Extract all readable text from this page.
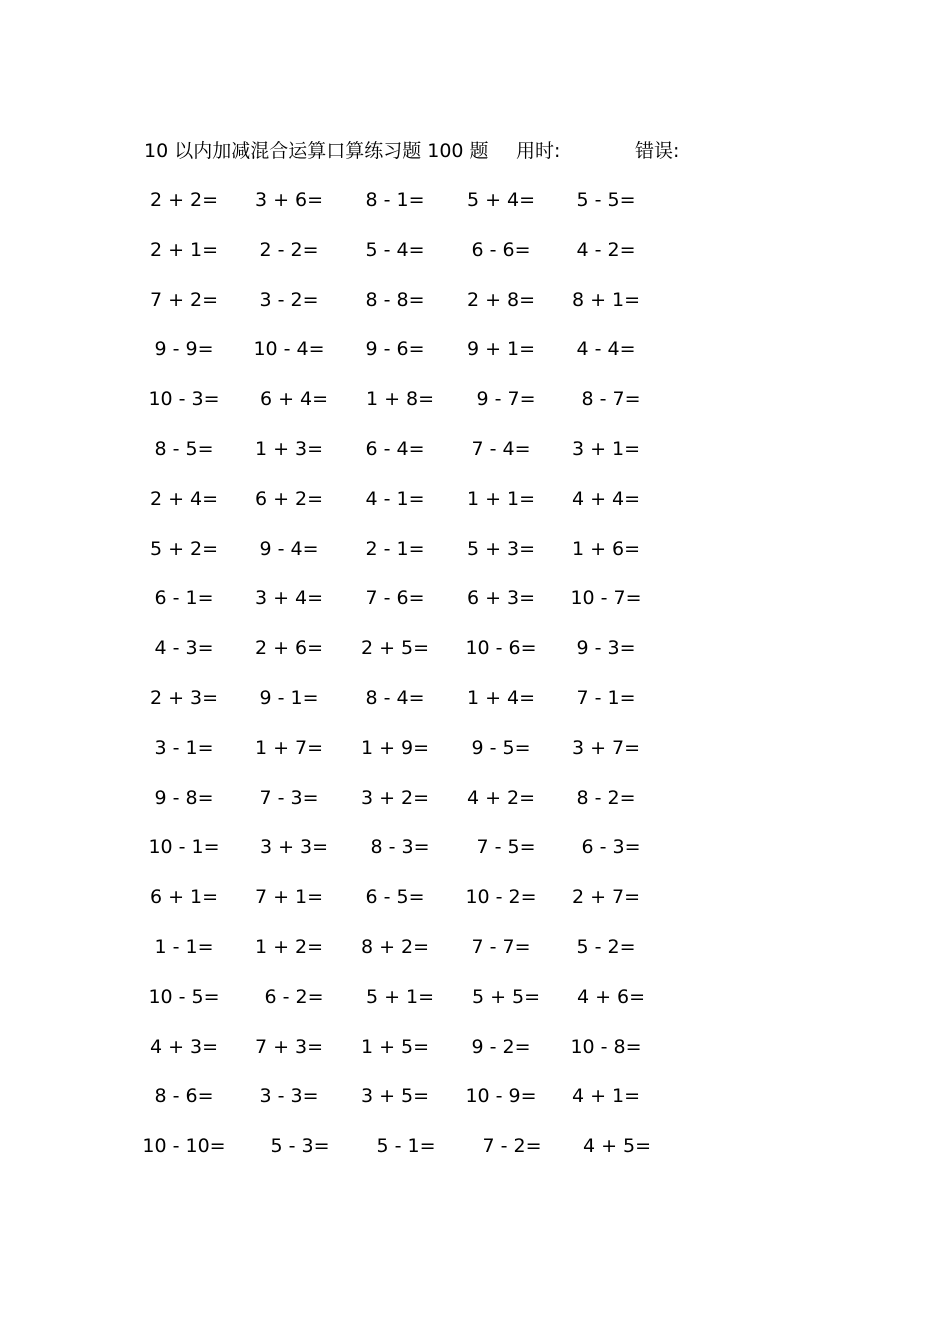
10 以内加减混合运算口算练习题 100 题 用时:	错误:
2 + 2=	3 + 6=	8 - 1=	5 + 4=	5 - 5=
2 + 1=	2 - 2=	5 - 4=	6 - 6=	4 - 2=
7 + 2=	3 - 2=	8 - 8=	2 + 8=	8 + 1=
9 - 9=	10 - 4=	9 - 6=	9 + 1=	4 - 4=
10 - 3=	6 + 4=	1 + 8=	9 - 7=	8 - 7=
8 - 5=	1 + 3=	6 - 4=	7 - 4=	3 + 1=
2 + 4=	6 + 2=	4 - 1=	1 + 1=	4 + 4=
5 + 2=	9 - 4=	2 - 1=	5 + 3=	1 + 6=
6 - 1=	3 + 4=	7 - 6=	6 + 3=	10 - 7=
4 - 3=	2 + 6=	2 + 5=	10 - 6=	9 - 3=
2 + 3=	9 - 1=	8 - 4=	1 + 4=	7 - 1=
3 - 1=	1 + 7=	1 + 9=	9 - 5=	3 + 7=
9 - 8=	7 - 3=	3 + 2=	4 + 2=	8 - 2=
10 - 1=	3 + 3=	8 - 3=	7 - 5=	6 - 3=
6 + 1=	7 + 1=	6 - 5=	10 - 2=	2 + 7=
1 - 1=	1 + 2=	8 + 2=	7 - 7=	5 - 2=
10 - 5=	6 - 2=	5 + 1=	5 + 5=	4 + 6=
4 + 3=	7 + 3=	1 + 5=	9 - 2=	10 - 8=
8 - 6=	3 - 3=	3 + 5=	10 - 9=	4 + 1=
10 - 10=	5 - 3=	5 - 1=	7 - 2=	4 + 5=
